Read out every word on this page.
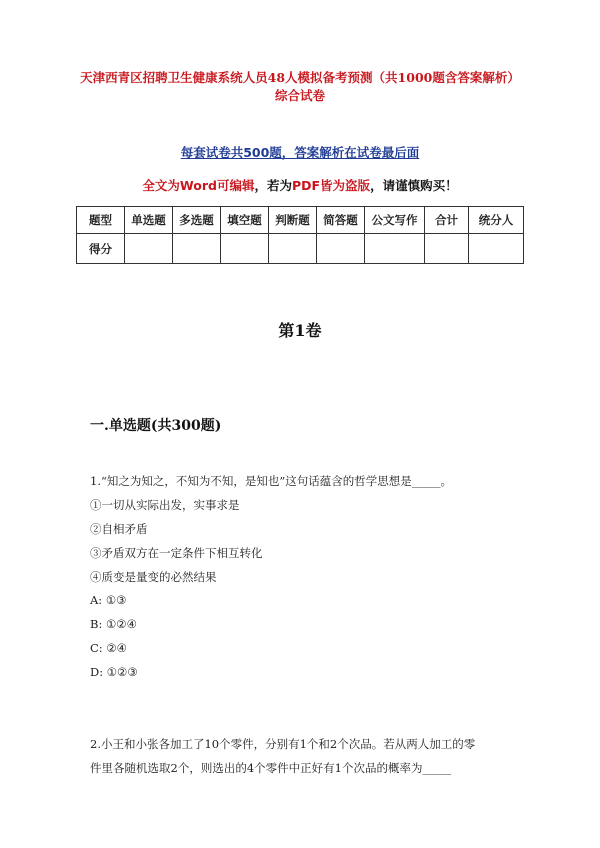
天津西青区招聘卫生健康系统人员48人模拟备考预测（共1000题含答案解析）
综合试卷
每套试卷共500题，答案解析在试卷最后面
全文为Word可编辑，若为PDF皆为盗版，请谨慎购买！
题型	单选题	多选题	填空题	判断题	简答题	公文写作	合计	统分人
得分								
第1卷
一.单选题(共300题)
1.“知之为知之，不知为不知，是知也”这句话蕴含的哲学思想是_____。
①一切从实际出发，实事求是
②自相矛盾
③矛盾双方在一定条件下相互转化
④质变是量变的必然结果
A: ①③
B: ①②④
C: ②④
D: ①②③
2.小王和小张各加工了10个零件，分别有1个和2个次品。若从两人加工的零
件里各随机选取2个，则选出的4个零件中正好有1个次品的概率为_____
